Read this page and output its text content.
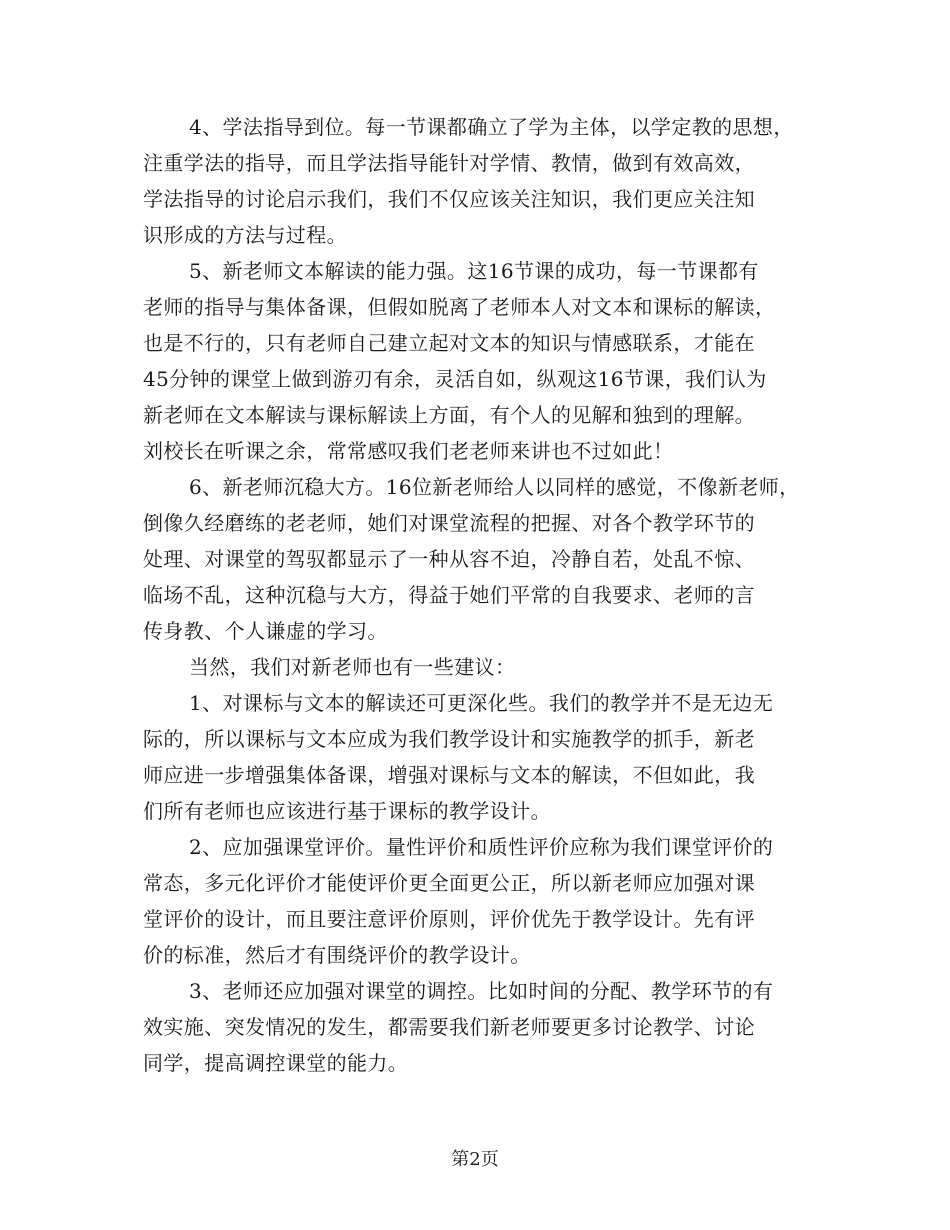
4、学法指导到位。每一节课都确立了学为主体，以学定教的思想，
注重学法的指导，而且学法指导能针对学情、教情，做到有效高效，
学法指导的讨论启示我们，我们不仅应该关注知识，我们更应关注知
识形成的方法与过程。
5、新老师文本解读的能力强。这16节课的成功，每一节课都有
老师的指导与集体备课，但假如脱离了老师本人对文本和课标的解读，
也是不行的，只有老师自己建立起对文本的知识与情感联系，才能在
45分钟的课堂上做到游刃有余，灵活自如，纵观这16节课，我们认为
新老师在文本解读与课标解读上方面，有个人的见解和独到的理解。
刘校长在听课之余，常常感叹我们老老师来讲也不过如此！
6、新老师沉稳大方。16位新老师给人以同样的感觉，不像新老师，
倒像久经磨练的老老师，她们对课堂流程的把握、对各个教学环节的
处理、对课堂的驾驭都显示了一种从容不迫，冷静自若，处乱不惊、
临场不乱，这种沉稳与大方，得益于她们平常的自我要求、老师的言
传身教、个人谦虚的学习。
当然，我们对新老师也有一些建议：
1、对课标与文本的解读还可更深化些。我们的教学并不是无边无
际的，所以课标与文本应成为我们教学设计和实施教学的抓手，新老
师应进一步增强集体备课，增强对课标与文本的解读，不但如此，我
们所有老师也应该进行基于课标的教学设计。
2、应加强课堂评价。量性评价和质性评价应称为我们课堂评价的
常态，多元化评价才能使评价更全面更公正，所以新老师应加强对课
堂评价的设计，而且要注意评价原则，评价优先于教学设计。先有评
价的标准，然后才有围绕评价的教学设计。
3、老师还应加强对课堂的调控。比如时间的分配、教学环节的有
效实施、突发情况的发生，都需要我们新老师要更多讨论教学、讨论
同学，提高调控课堂的能力。
第2页
